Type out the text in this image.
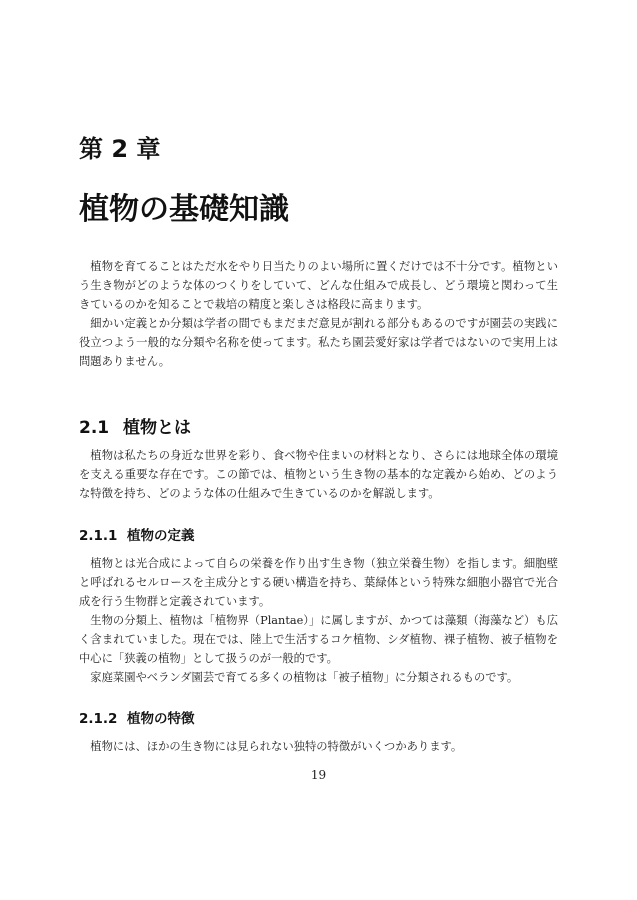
第 2 章
植物の基礎知識

植物を育てることはただ水をやり日当たりのよい場所に置くだけでは不十分です。植物という生き物がどのような体のつくりをしていて、どんな仕組みで成長し、どう環境と関わって生きているのかを知ることで栽培の精度と楽しさは格段に高まります。

細かい定義とか分類は学者の間でもまだまだ意見が割れる部分もあるのですが園芸の実践に役立つよう一般的な分類や名称を使ってます。私たち園芸愛好家は学者ではないので実用上は問題ありません。

2.1 植物とは

植物は私たちの身近な世界を彩り、食べ物や住まいの材料となり、さらには地球全体の環境を支える重要な存在です。この節では、植物という生き物の基本的な定義から始め、どのような特徴を持ち、どのような体の仕組みで生きているのかを解説します。

2.1.1 植物の定義

植物とは光合成によって自らの栄養を作り出す生き物（独立栄養生物）を指します。細胞壁と呼ばれるセルロースを主成分とする硬い構造を持ち、葉緑体という特殊な細胞小器官で光合成を行う生物群と定義されています。

生物の分類上、植物は「植物界（Plantae）」に属しますが、かつては藻類（海藻など）も広く含まれていました。現在では、陸上で生活するコケ植物、シダ植物、裸子植物、被子植物を中心に「狭義の植物」として扱うのが一般的です。

家庭菜園やベランダ園芸で育てる多くの植物は「被子植物」に分類されるものです。

2.1.2 植物の特徴

植物には、ほかの生き物には見られない独特の特徴がいくつかあります。

19
